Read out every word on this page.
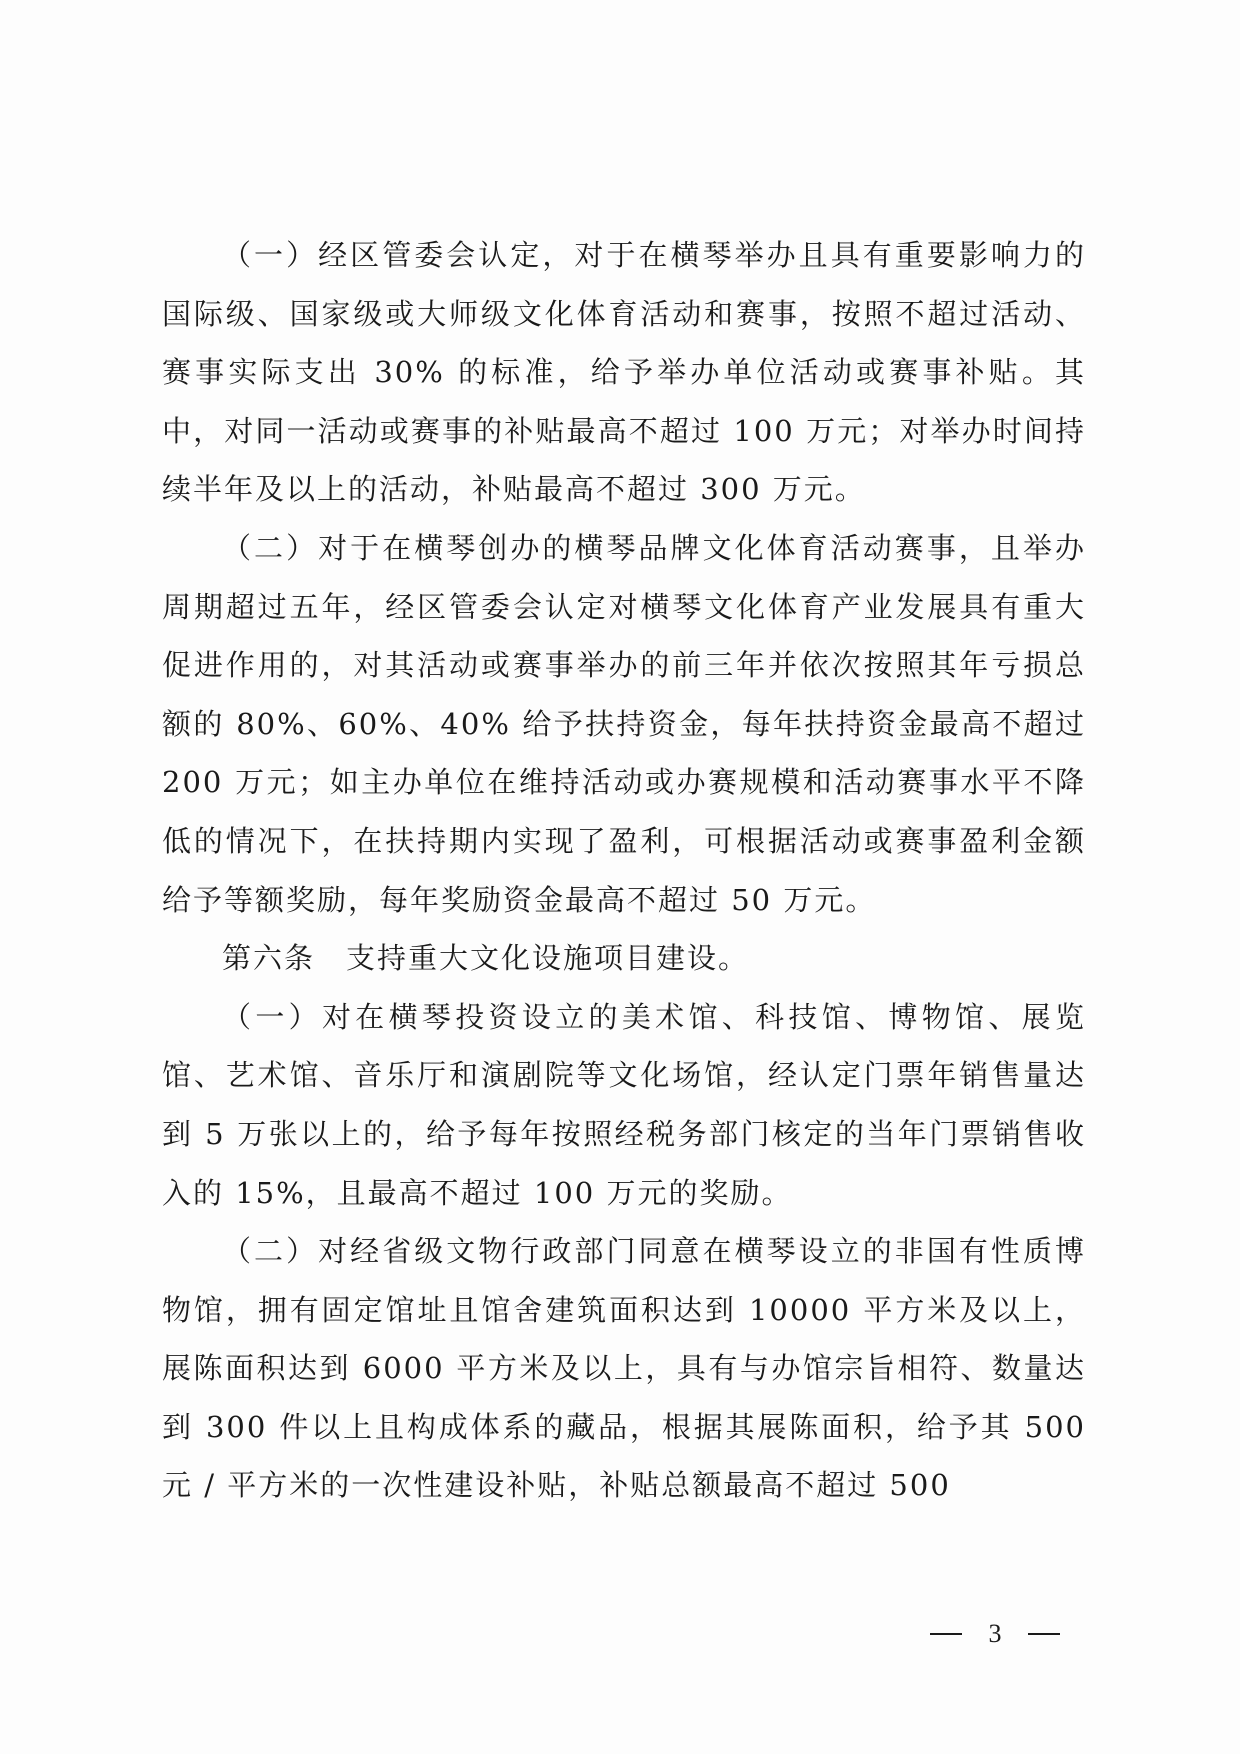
（一）经区管委会认定，对于在横琴举办且具有重要影响力的国际级、国家级或大师级文化体育活动和赛事，按照不超过活动、赛事实际支出 30% 的标准，给予举办单位活动或赛事补贴。其中，对同一活动或赛事的补贴最高不超过 100 万元；对举办时间持续半年及以上的活动，补贴最高不超过 300 万元。

（二）对于在横琴创办的横琴品牌文化体育活动赛事，且举办周期超过五年，经区管委会认定对横琴文化体育产业发展具有重大促进作用的，对其活动或赛事举办的前三年并依次按照其年亏损总额的 80%、60%、40% 给予扶持资金，每年扶持资金最高不超过 200 万元；如主办单位在维持活动或办赛规模和活动赛事水平不降低的情况下，在扶持期内实现了盈利，可根据活动或赛事盈利金额给予等额奖励，每年奖励资金最高不超过 50 万元。

第六条　支持重大文化设施项目建设。

（一）对在横琴投资设立的美术馆、科技馆、博物馆、展览馆、艺术馆、音乐厅和演剧院等文化场馆，经认定门票年销售量达到 5 万张以上的，给予每年按照经税务部门核定的当年门票销售收入的 15%，且最高不超过 100 万元的奖励。

（二）对经省级文物行政部门同意在横琴设立的非国有性质博物馆，拥有固定馆址且馆舍建筑面积达到 10000 平方米及以上，展陈面积达到 6000 平方米及以上，具有与办馆宗旨相符、数量达到 300 件以上且构成体系的藏品，根据其展陈面积，给予其 500 元 / 平方米的一次性建设补贴，补贴总额最高不超过 500

3
